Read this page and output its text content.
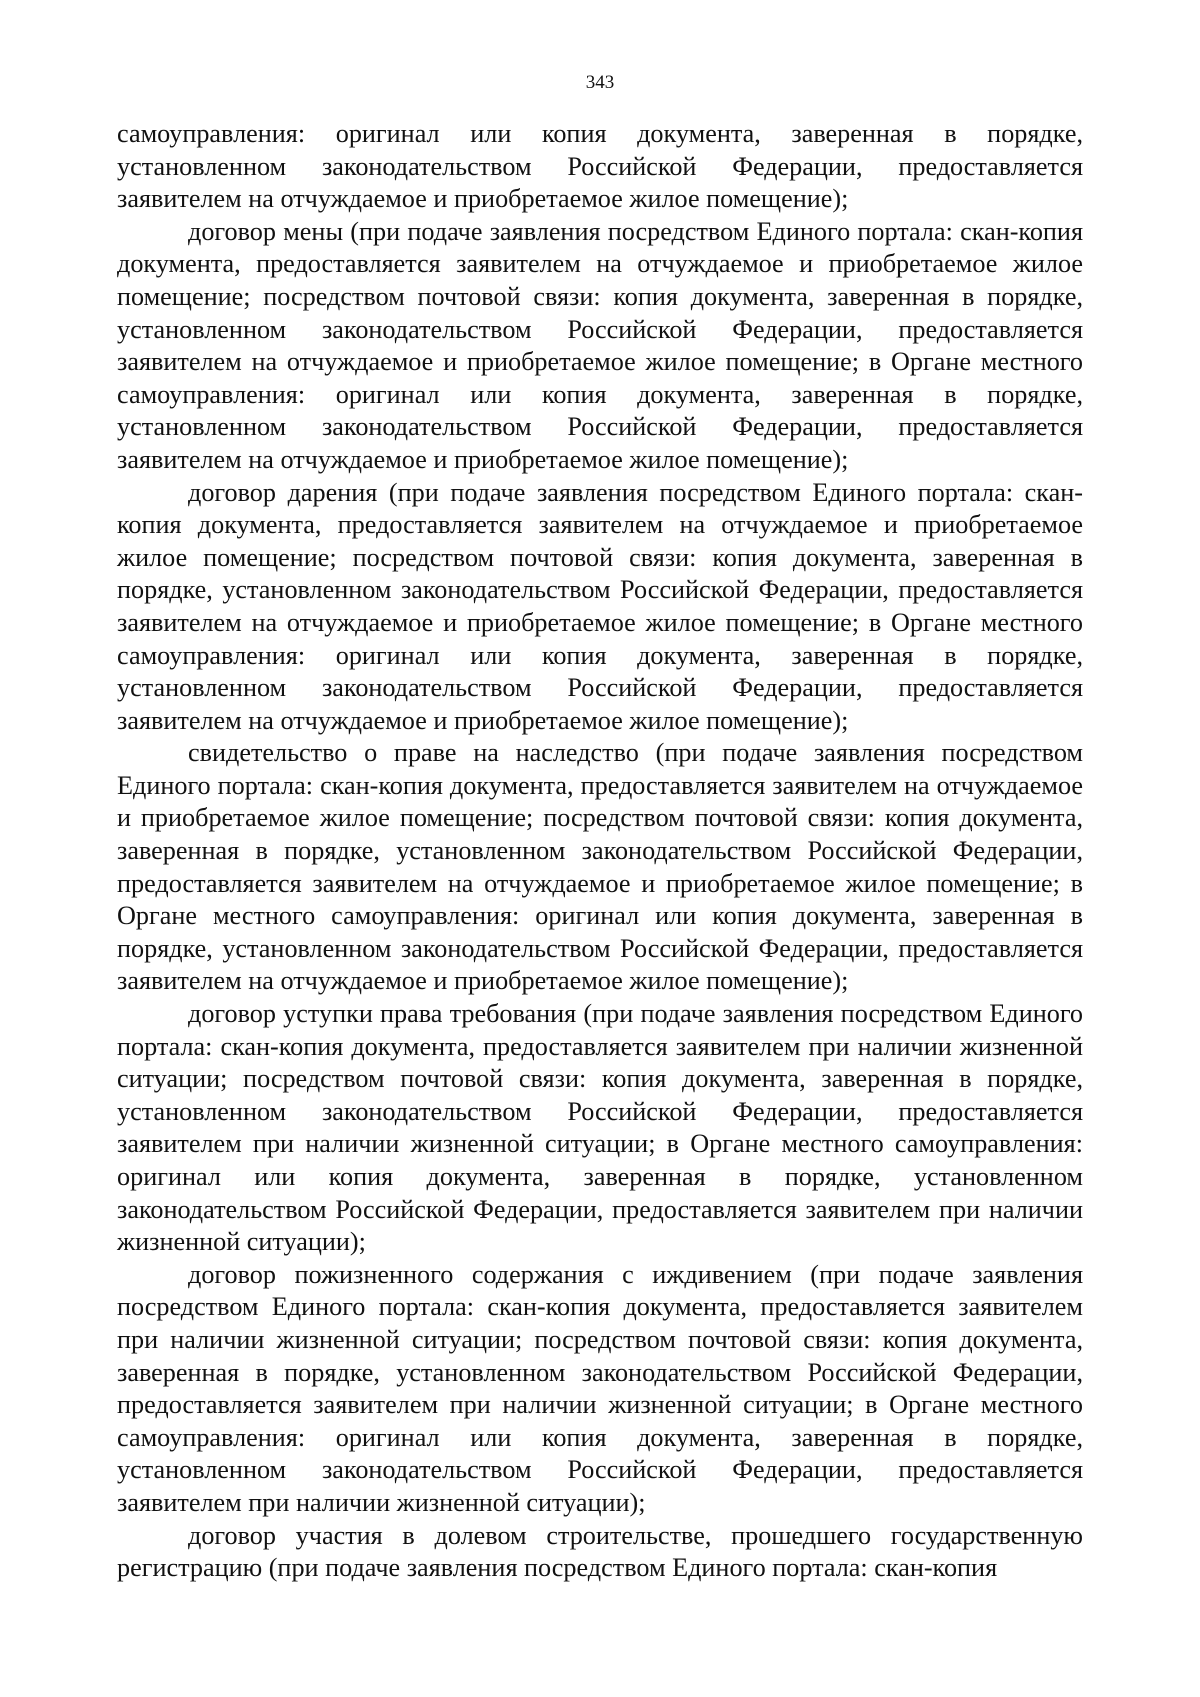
343

самоуправления: оригинал или копия документа, заверенная в порядке, установленном законодательством Российской Федерации, предоставляется заявителем на отчуждаемое и приобретаемое жилое помещение);

договор мены (при подаче заявления посредством Единого портала: скан-копия документа, предоставляется заявителем на отчуждаемое и приобретаемое жилое помещение; посредством почтовой связи: копия документа, заверенная в порядке, установленном законодательством Российской Федерации, предоставляется заявителем на отчуждаемое и приобретаемое жилое помещение; в Органе местного самоуправления: оригинал или копия документа, заверенная в порядке, установленном законодательством Российской Федерации, предоставляется заявителем на отчуждаемое и приобретаемое жилое помещение);

договор дарения (при подаче заявления посредством Единого портала: скан-копия документа, предоставляется заявителем на отчуждаемое и приобретаемое жилое помещение; посредством почтовой связи: копия документа, заверенная в порядке, установленном законодательством Российской Федерации, предоставляется заявителем на отчуждаемое и приобретаемое жилое помещение; в Органе местного самоуправления: оригинал или копия документа, заверенная в порядке, установленном законодательством Российской Федерации, предоставляется заявителем на отчуждаемое и приобретаемое жилое помещение);

свидетельство о праве на наследство (при подаче заявления посредством Единого портала: скан-копия документа, предоставляется заявителем на отчуждаемое и приобретаемое жилое помещение; посредством почтовой связи: копия документа, заверенная в порядке, установленном законодательством Российской Федерации, предоставляется заявителем на отчуждаемое и приобретаемое жилое помещение; в Органе местного самоуправления: оригинал или копия документа, заверенная в порядке, установленном законодательством Российской Федерации, предоставляется заявителем на отчуждаемое и приобретаемое жилое помещение);

договор уступки права требования (при подаче заявления посредством Единого портала: скан-копия документа, предоставляется заявителем при наличии жизненной ситуации; посредством почтовой связи: копия документа, заверенная в порядке, установленном законодательством Российской Федерации, предоставляется заявителем при наличии жизненной ситуации; в Органе местного самоуправления: оригинал или копия документа, заверенная в порядке, установленном законодательством Российской Федерации, предоставляется заявителем при наличии жизненной ситуации);

договор пожизненного содержания с иждивением (при подаче заявления посредством Единого портала: скан-копия документа, предоставляется заявителем при наличии жизненной ситуации; посредством почтовой связи: копия документа, заверенная в порядке, установленном законодательством Российской Федерации, предоставляется заявителем при наличии жизненной ситуации; в Органе местного самоуправления: оригинал или копия документа, заверенная в порядке, установленном законодательством Российской Федерации, предоставляется заявителем при наличии жизненной ситуации);

договор участия в долевом строительстве, прошедшего государственную регистрацию (при подаче заявления посредством Единого портала: скан-копия
